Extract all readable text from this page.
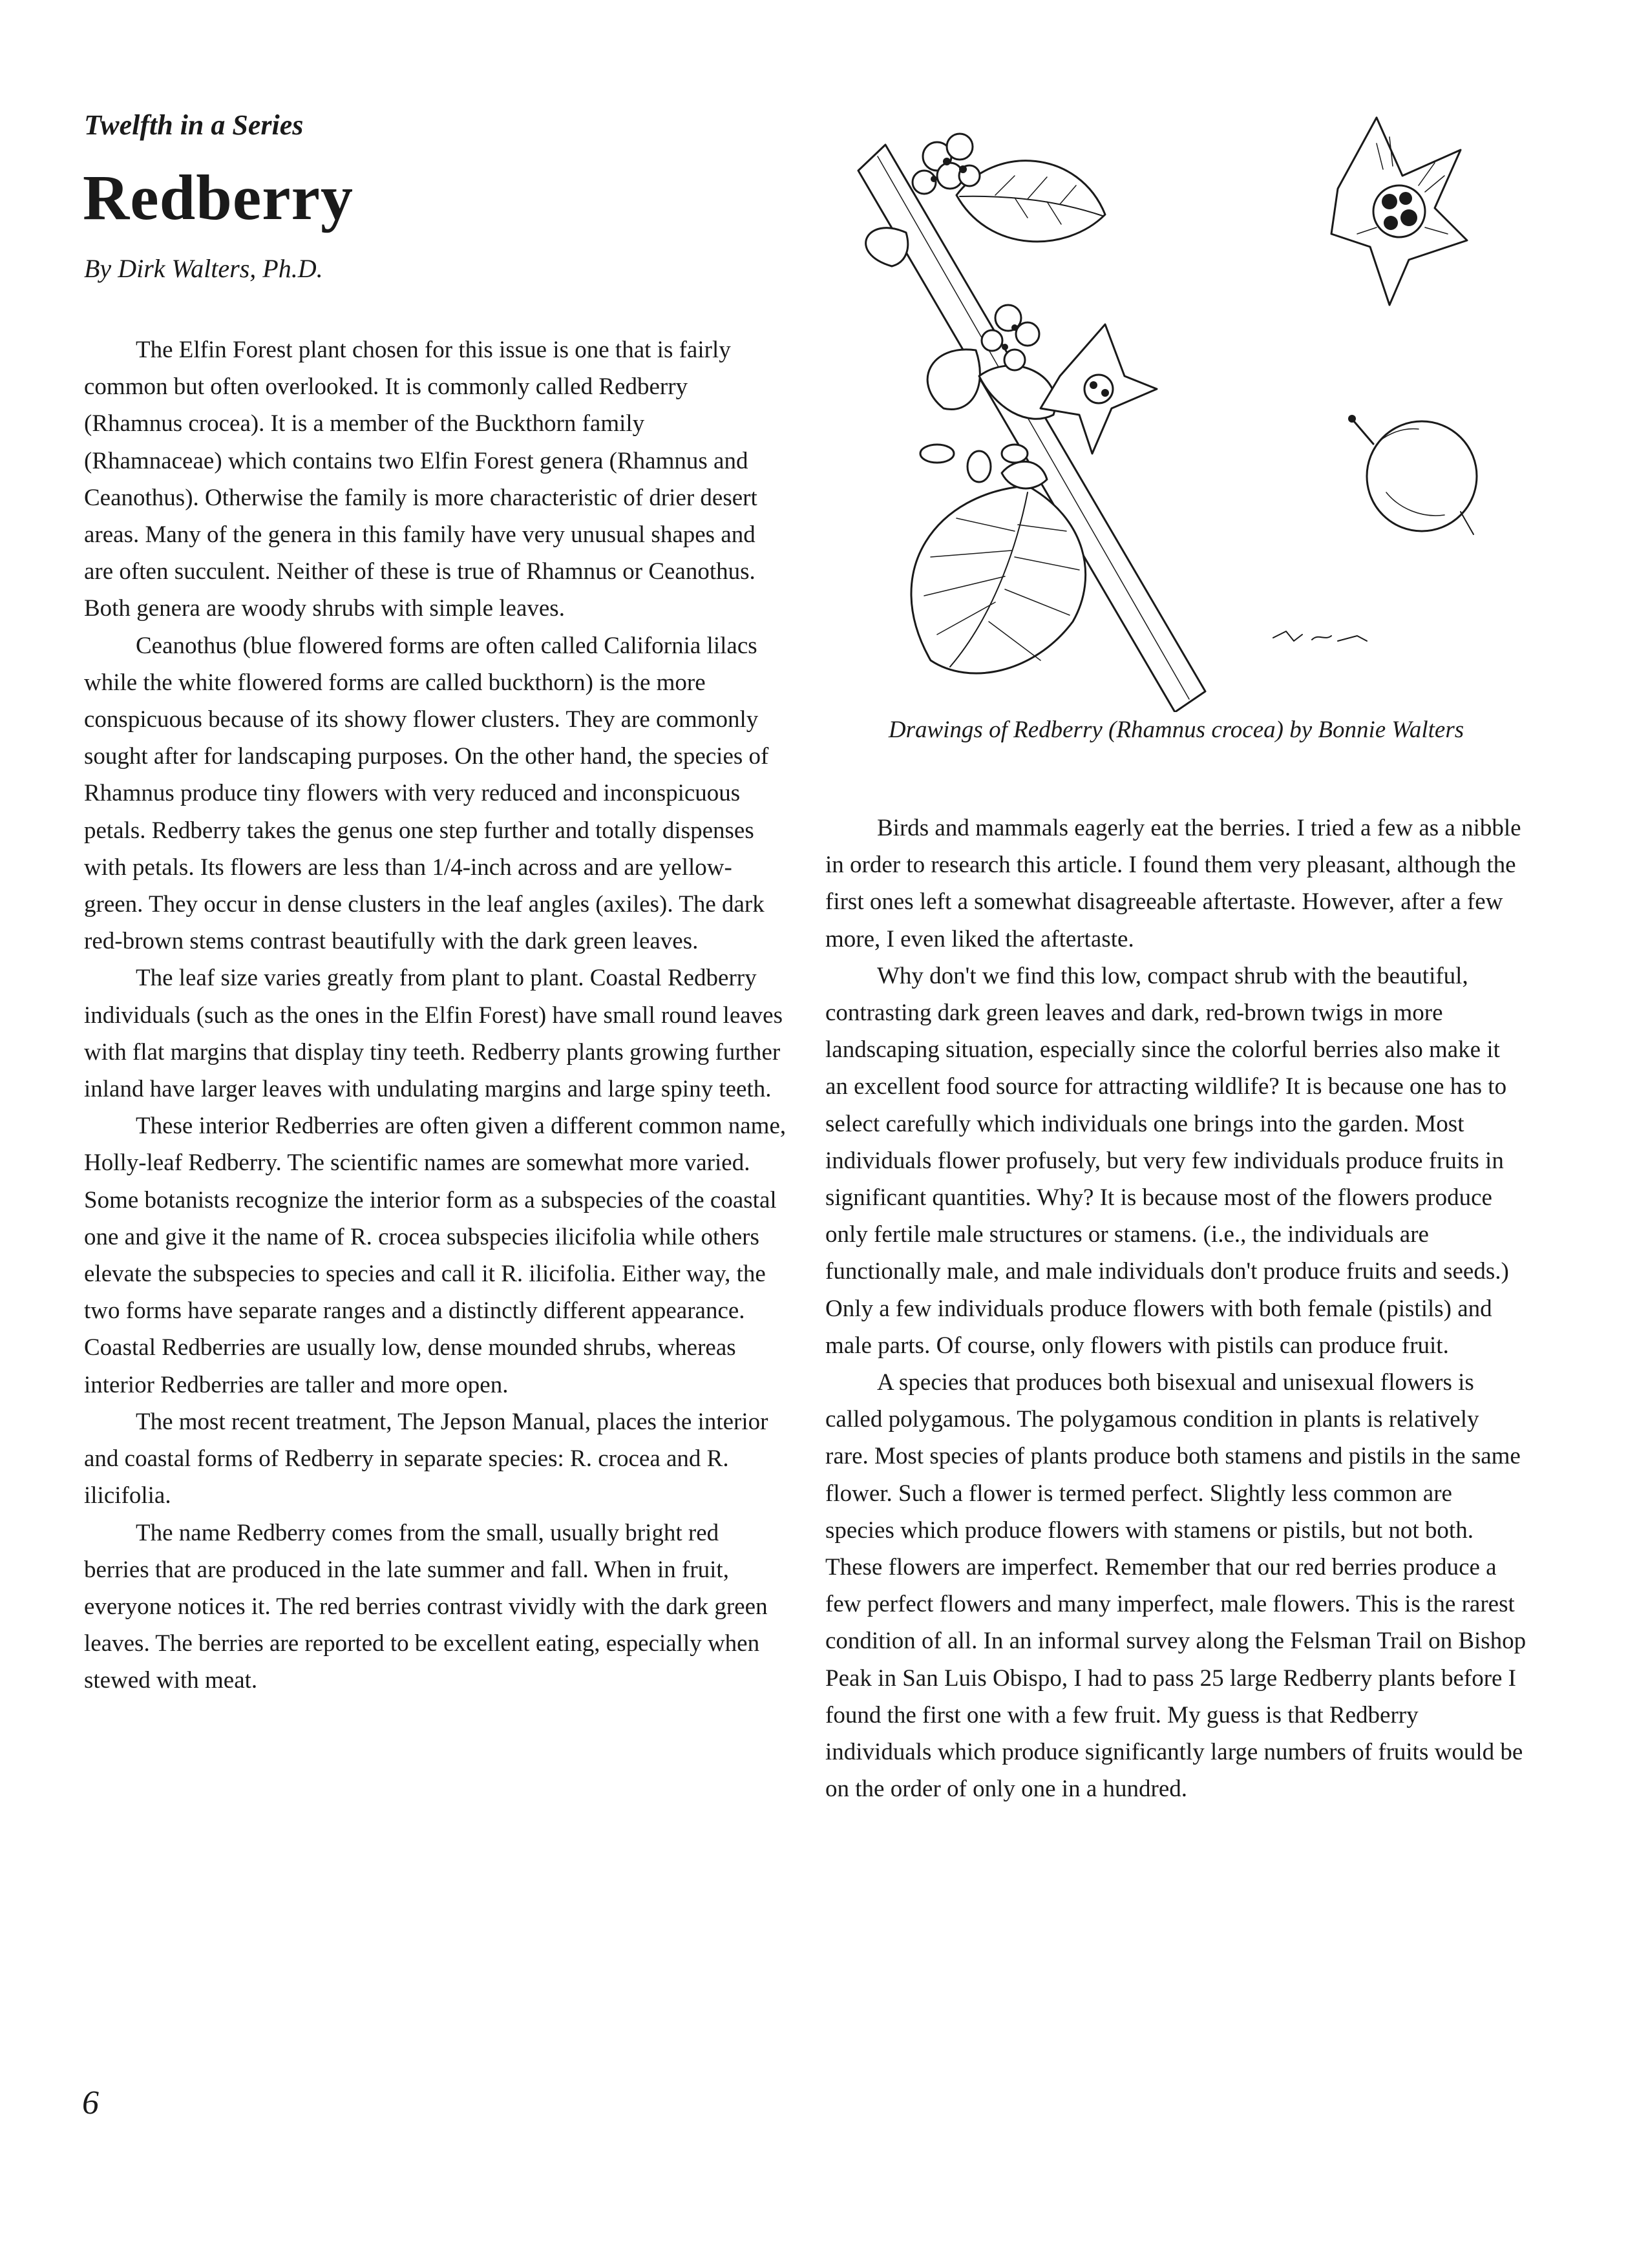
Twelfth in a Series
Redberry
By Dirk Walters, Ph.D.

The Elfin Forest plant chosen for this issue is one that is fairly common but often overlooked. It is commonly called Redberry (Rhamnus crocea). It is a member of the Buckthorn family (Rhamnaceae) which contains two Elfin Forest genera (Rhamnus and Ceanothus). Otherwise the family is more characteristic of drier desert areas. Many of the genera in this family have very unusual shapes and are often succulent. Neither of these is true of Rhamnus or Ceanothus. Both genera are woody shrubs with simple leaves.

Ceanothus (blue flowered forms are often called California lilacs while the white flowered forms are called buckthorn) is the more conspicuous because of its showy flower clusters. They are commonly sought after for landscaping purposes. On the other hand, the species of Rhamnus produce tiny flowers with very reduced and inconspicuous petals. Redberry takes the genus one step further and totally dispenses with petals. Its flowers are less than 1/4-inch across and are yellow-green. They occur in dense clusters in the leaf angles (axiles). The dark red-brown stems contrast beautifully with the dark green leaves.

The leaf size varies greatly from plant to plant. Coastal Redberry individuals (such as the ones in the Elfin Forest) have small round leaves with flat margins that display tiny teeth. Redberry plants growing further inland have larger leaves with undulating margins and large spiny teeth.

These interior Redberries are often given a different common name, Holly-leaf Redberry. The scientific names are somewhat more varied. Some botanists recognize the interior form as a subspecies of the coastal one and give it the name of R. crocea subspecies ilicifolia while others elevate the subspecies to species and call it R. ilicifolia. Either way, the two forms have separate ranges and a distinctly different appearance. Coastal Redberries are usually low, dense mounded shrubs, whereas interior Redberries are taller and more open.

The most recent treatment, The Jepson Manual, places the interior and coastal forms of Redberry in separate species: R. crocea and R. ilicifolia.

The name Redberry comes from the small, usually bright red berries that are produced in the late summer and fall. When in fruit, everyone notices it. The red berries contrast vividly with the dark green leaves. The berries are reported to be excellent eating, especially when stewed with meat.

Drawings of Redberry (Rhamnus crocea) by Bonnie Walters

Birds and mammals eagerly eat the berries. I tried a few as a nibble in order to research this article. I found them very pleasant, although the first ones left a somewhat disagreeable aftertaste. However, after a few more, I even liked the aftertaste.

Why don't we find this low, compact shrub with the beautiful, contrasting dark green leaves and dark, red-brown twigs in more landscaping situation, especially since the colorful berries also make it an excellent food source for attracting wildlife? It is because one has to select carefully which individuals one brings into the garden. Most individuals flower profusely, but very few individuals produce fruits in significant quantities. Why? It is because most of the flowers produce only fertile male structures or stamens. (i.e., the individuals are functionally male, and male individuals don't produce fruits and seeds.) Only a few individuals produce flowers with both female (pistils) and male parts. Of course, only flowers with pistils can produce fruit.

A species that produces both bisexual and unisexual flowers is called polygamous. The polygamous condition in plants is relatively rare. Most species of plants produce both stamens and pistils in the same flower. Such a flower is termed perfect. Slightly less common are species which produce flowers with stamens or pistils, but not both. These flowers are imperfect. Remember that our red berries produce a few perfect flowers and many imperfect, male flowers. This is the rarest condition of all. In an informal survey along the Felsman Trail on Bishop Peak in San Luis Obispo, I had to pass 25 large Redberry plants before I found the first one with a few fruit. My guess is that Redberry individuals which produce significantly large numbers of fruits would be on the order of only one in a hundred.

6
